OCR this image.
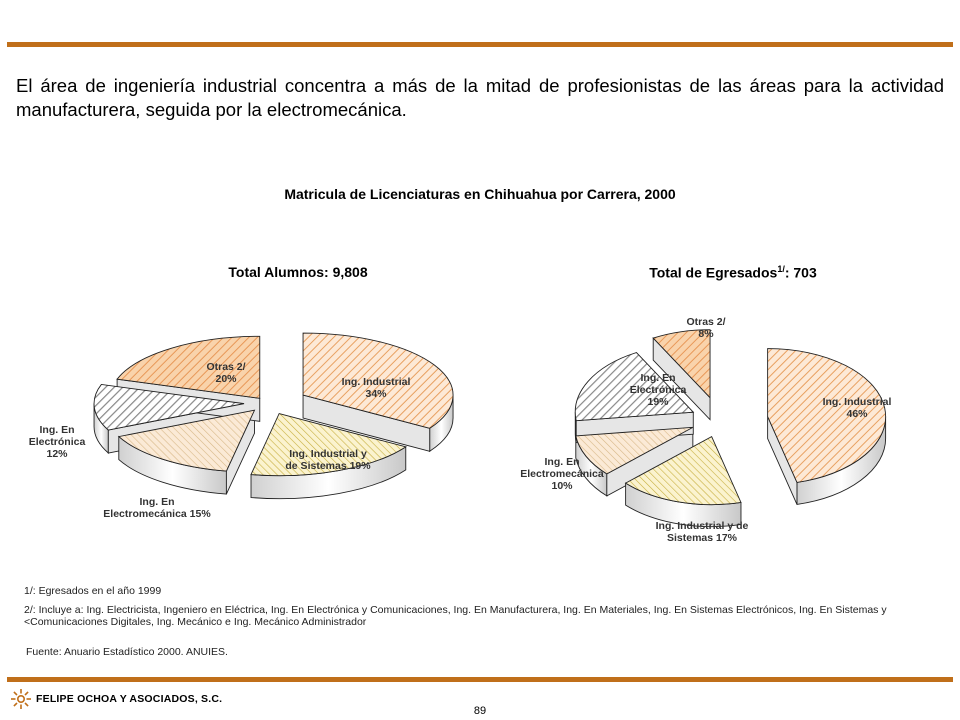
El área de ingeniería industrial concentra a más de la mitad de profesionistas de las áreas para la actividad manufacturera, seguida por la electromecánica.
Matricula de Licenciaturas en Chihuahua por Carrera, 2000
Total Alumnos: 9,808	Total de Egresados$^{1/}$: 703
Ing. Industrial 34%
Ing. Industrial y de Sistemas 19%
Ing. En Electromecánica 15%
Ing. En Electrónica 12%
Otras 2/ 20%
Ing. Industrial 46%
Ing. Industrial y de Sistemas 17%
Ing. En Electromecánica 10%
Ing. En Electrónica 19%
Otras 2/ 8%
1/: Egresados en el año 1999
2/: Incluye a: Ing. Electricista, Ingeniero en Eléctrica, Ing. En Electrónica y Comunicaciones, Ing. En Manufacturera, Ing. En Materiales, Ing. En Sistemas Electrónicos, Ing. En Sistemas y <Comunicaciones Digitales, Ing. Mecánico e Ing. Mecánico Administrador
Fuente: Anuario Estadístico 2000. ANUIES.
FELIPE OCHOA Y ASOCIADOS, S.C.
89
